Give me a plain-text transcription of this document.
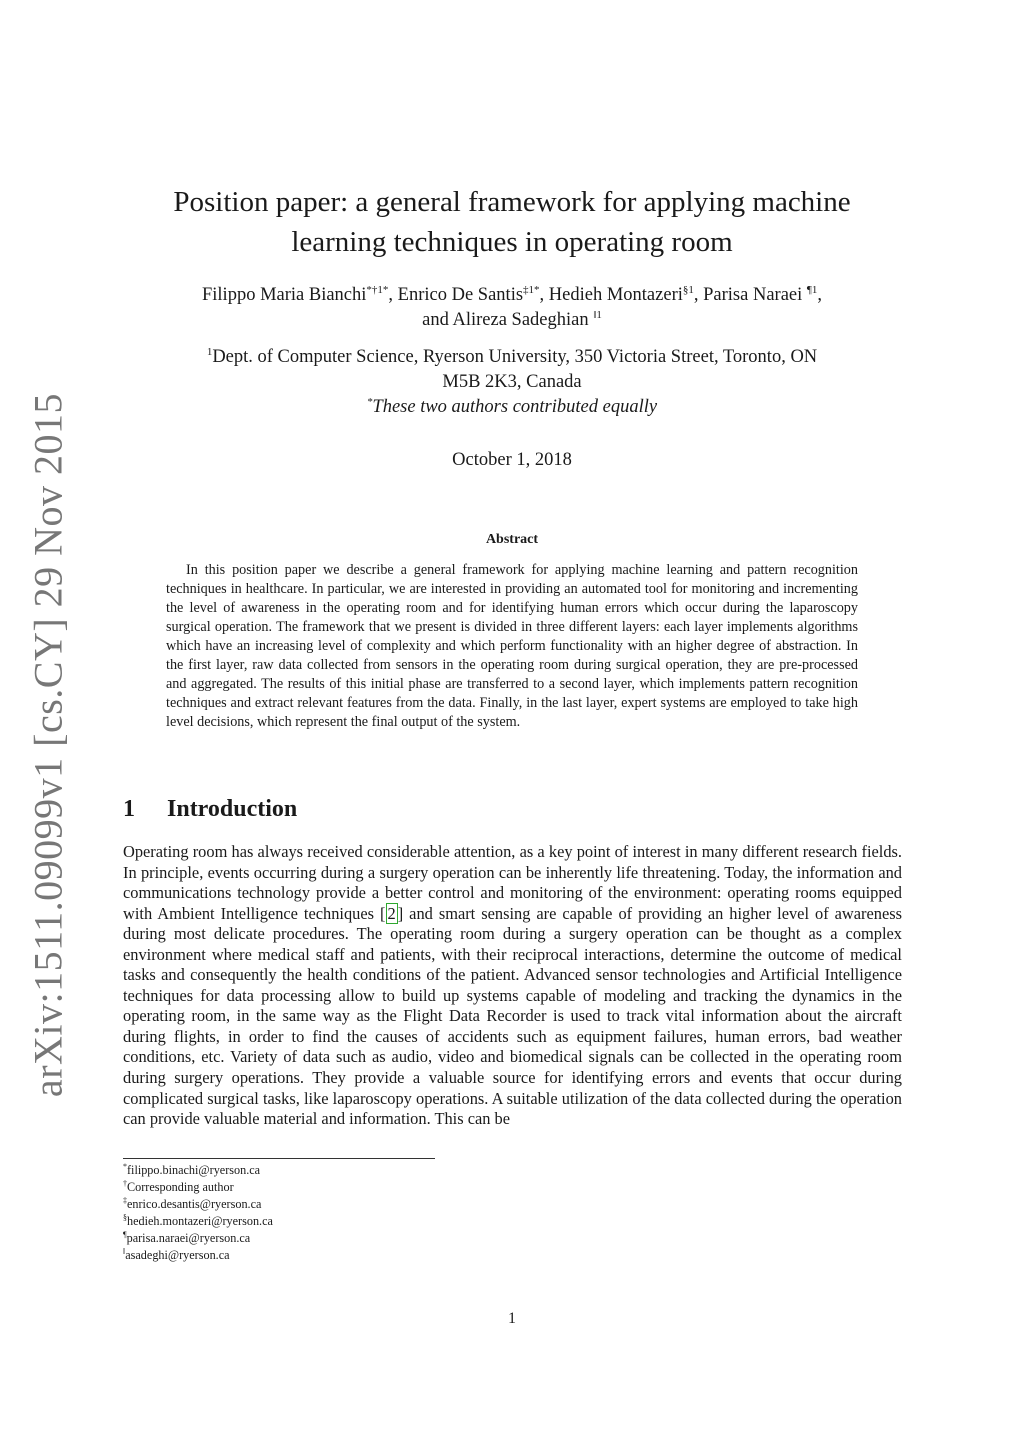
arXiv:1511.09099v1 [cs.CY] 29 Nov 2015
Position paper: a general framework for applying machine
learning techniques in operating room
Filippo Maria Bianchi$^{*\dagger 1*}$, Enrico De Santis$^{\ddagger 1*}$, Hedieh Montazeri$^{\S 1}$, Parisa Naraei $^{\P 1}$,
and Alireza Sadeghian $^{‖1}$
$^1$Dept. of Computer Science, Ryerson University, 350 Victoria Street, Toronto, ON
M5B 2K3, Canada
*These two authors contributed equally
October 1, 2018
Abstract

In this position paper we describe a general framework for applying machine learning and pattern recognition techniques in healthcare. In particular, we are interested in providing an automated tool for monitoring and incrementing the level of awareness in the operating room and for identifying human errors which occur during the laparoscopy surgical operation. The framework that we present is divided in three different layers: each layer implements algorithms which have an increasing level of complexity and which perform functionality with an higher degree of abstraction. In the first layer, raw data collected from sensors in the operating room during surgical operation, they are pre-processed and aggregated. The results of this initial phase are transferred to a second layer, which implements pattern recognition techniques and extract relevant features from the data. Finally, in the last layer, expert systems are employed to take high level decisions, which represent the final output of the system.

1 Introduction

Operating room has always received considerable attention, as a key point of interest in many different research fields. In principle, events occurring during a surgery operation can be inherently life threatening. Today, the information and communications technology provide a better control and monitoring of the environment: operating rooms equipped with Ambient Intelligence techniques [ 2 ] and smart sensing are capable of providing an higher level of awareness during most delicate procedures. The operating room during a surgery operation can be thought as a complex environment where medical staff and patients, with their reciprocal interactions, determine the outcome of medical tasks and consequently the health conditions of the patient. Advanced sensor technologies and Artificial Intelligence techniques for data processing allow to build up systems capable of modeling and tracking the dynamics in the operating room, in the same way as the Flight Data Recorder is used to track vital information about the aircraft during flights, in order to find the causes of accidents such as equipment failures, human errors, bad weather conditions, etc. Variety of data such as audio, video and biomedical signals can be collected in the operating room during surgery operations. They provide a valuable source for identifying errors and events that occur during complicated surgical tasks, like laparoscopy operations. A suitable utilization of the data collected during the operation can provide valuable material and information. This can be

*filippo.binachi@ryerson.ca
†Corresponding author
‡enrico.desantis@ryerson.ca
§hedieh.montazeri@ryerson.ca
¶parisa.naraei@ryerson.ca
‖asadeghi@ryerson.ca
1
